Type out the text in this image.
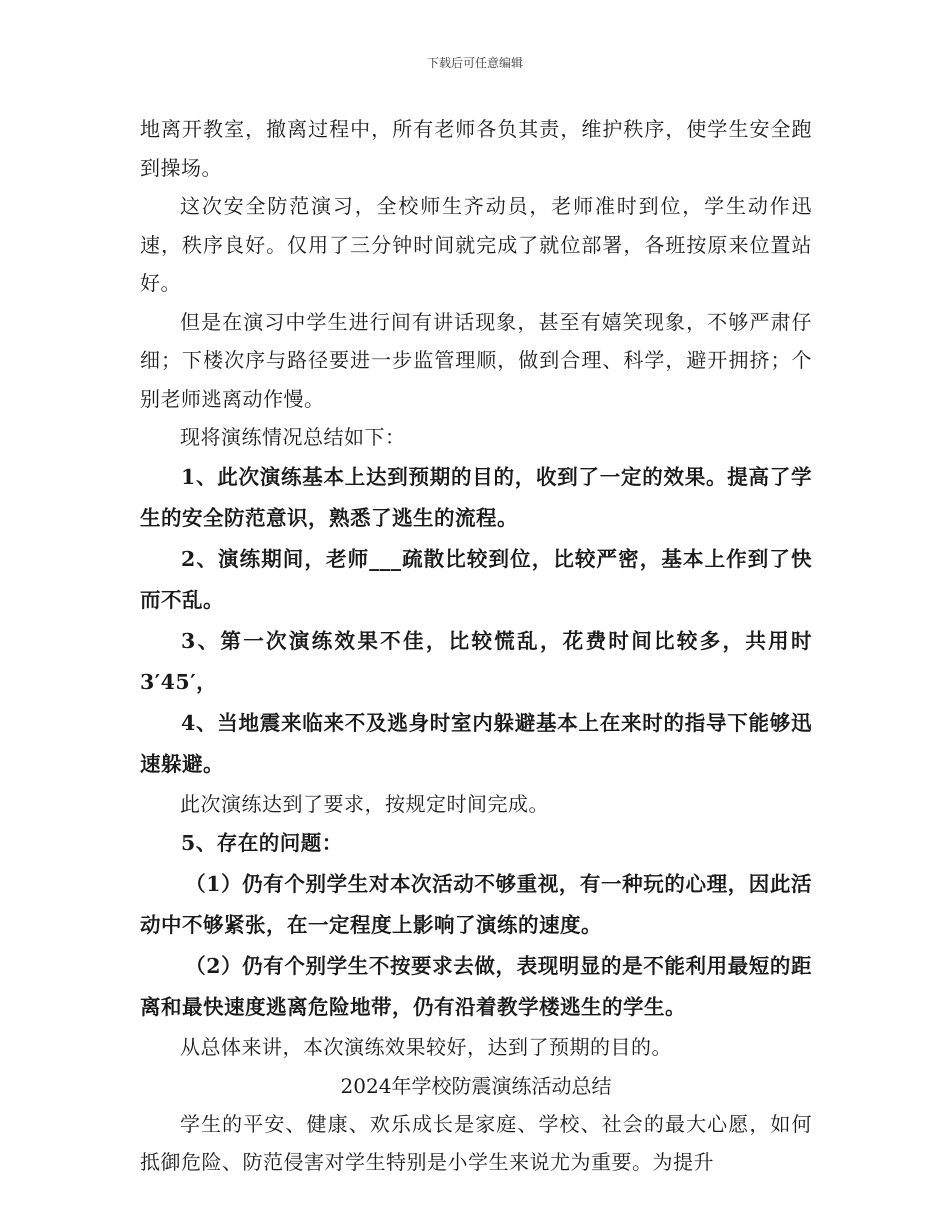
下载后可任意编辑

地离开教室，撤离过程中，所有老师各负其责，维护秩序，使学生安全跑到操场。

这次安全防范演习，全校师生齐动员，老师准时到位，学生动作迅速，秩序良好。仅用了三分钟时间就完成了就位部署，各班按原来位置站好。

但是在演习中学生进行间有讲话现象，甚至有嬉笑现象，不够严肃仔细；下楼次序与路径要进一步监管理顺，做到合理、科学，避开拥挤；个别老师逃离动作慢。

现将演练情况总结如下：

1、此次演练基本上达到预期的目的，收到了一定的效果。提高了学生的安全防范意识，熟悉了逃生的流程。

2、演练期间，老师___疏散比较到位，比较严密，基本上作到了快而不乱。

3、第一次演练效果不佳，比较慌乱，花费时间比较多，共用时3′45′，

4、当地震来临来不及逃身时室内躲避基本上在来时的指导下能够迅速躲避。

此次演练达到了要求，按规定时间完成。

5、存在的问题：

（1）仍有个别学生对本次活动不够重视，有一种玩的心理，因此活动中不够紧张，在一定程度上影响了演练的速度。

（2）仍有个别学生不按要求去做，表现明显的是不能利用最短的距离和最快速度逃离危险地带，仍有沿着教学楼逃生的学生。

从总体来讲，本次演练效果较好，达到了预期的目的。

2024年学校防震演练活动总结

学生的平安、健康、欢乐成长是家庭、学校、社会的最大心愿，如何抵御危险、防范侵害对学生特别是小学生来说尤为重要。为提升
